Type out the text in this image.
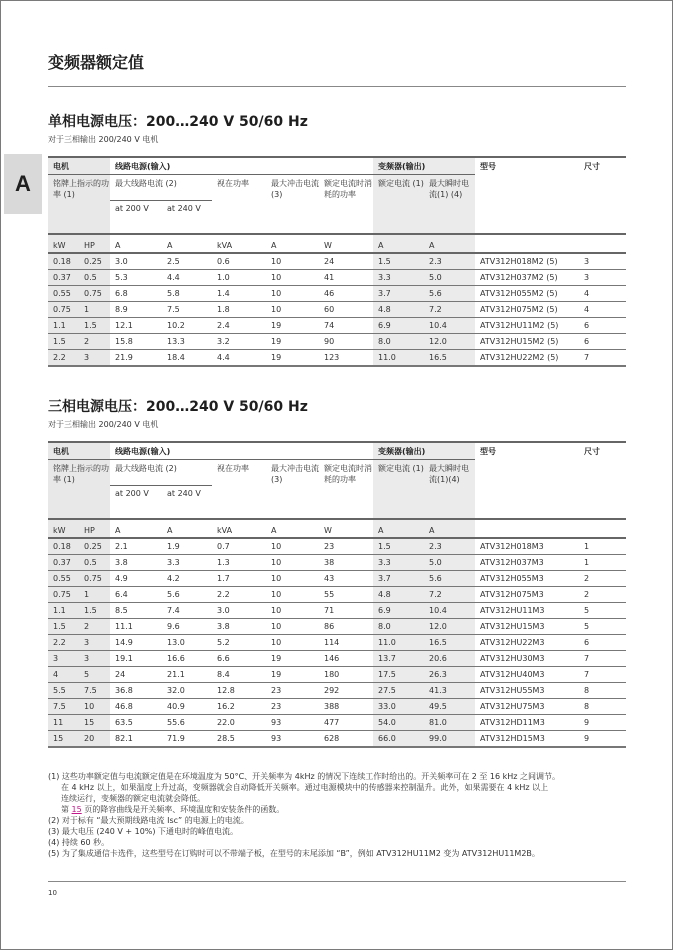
变频器额定值
A
单相电源电压：200…240 V 50/60 Hz
对于三相输出 200/240 V 电机
电机		线路电源(输入)					变频器(输出)		型号	尺寸
铭牌上指示的功率 (1)		最大线路电流 (2)		视在功率	最大冲击电流 (3)	额定电流时消耗的功率	额定电流 (1)	最大瞬时电流(1) (4)		
		at 200 V	at 240 V							
kW	HP	A	A	kVA	A	W	A	A		
0.18	0.25	3.0	2.5	0.6	10	24	1.5	2.3	ATV312H018M2 (5)	3
0.37	0.5	5.3	4.4	1.0	10	41	3.3	5.0	ATV312H037M2 (5)	3
0.55	0.75	6.8	5.8	1.4	10	46	3.7	5.6	ATV312H055M2 (5)	4
0.75	1	8.9	7.5	1.8	10	60	4.8	7.2	ATV312H075M2 (5)	4
1.1	1.5	12.1	10.2	2.4	19	74	6.9	10.4	ATV312HU11M2 (5)	6
1.5	2	15.8	13.3	3.2	19	90	8.0	12.0	ATV312HU15M2 (5)	6
2.2	3	21.9	18.4	4.4	19	123	11.0	16.5	ATV312HU22M2 (5)	7
三相电源电压：200…240 V 50/60 Hz
对于三相输出 200/240 V 电机
电机		线路电源(输入)					变频器(输出)		型号	尺寸
铭牌上指示的功率 (1)		最大线路电流 (2)		视在功率	最大冲击电流 (3)	额定电流时消耗的功率	额定电流 (1)	最大瞬时电流(1)(4)		
		at 200 V	at 240 V							
kW	HP	A	A	kVA	A	W	A	A		
0.18	0.25	2.1	1.9	0.7	10	23	1.5	2.3	ATV312H018M3	1
0.37	0.5	3.8	3.3	1.3	10	38	3.3	5.0	ATV312H037M3	1
0.55	0.75	4.9	4.2	1.7	10	43	3.7	5.6	ATV312H055M3	2
0.75	1	6.4	5.6	2.2	10	55	4.8	7.2	ATV312H075M3	2
1.1	1.5	8.5	7.4	3.0	10	71	6.9	10.4	ATV312HU11M3	5
1.5	2	11.1	9.6	3.8	10	86	8.0	12.0	ATV312HU15M3	5
2.2	3	14.9	13.0	5.2	10	114	11.0	16.5	ATV312HU22M3	6
3	3	19.1	16.6	6.6	19	146	13.7	20.6	ATV312HU30M3	7
4	5	24	21.1	8.4	19	180	17.5	26.3	ATV312HU40M3	7
5.5	7.5	36.8	32.0	12.8	23	292	27.5	41.3	ATV312HU55M3	8
7.5	10	46.8	40.9	16.2	23	388	33.0	49.5	ATV312HU75M3	8
11	15	63.5	55.6	22.0	93	477	54.0	81.0	ATV312HD11M3	9
15	20	82.1	71.9	28.5	93	628	66.0	99.0	ATV312HD15M3	9
(1) 这些功率额定值与电流额定值是在环境温度为 50°C、开关频率为 4kHz 的情况下连续工作时给出的。开关频率可在 2 至 16 kHz 之间调节。
在 4 kHz 以上，如果温度上升过高，变频器就会自动降低开关频率。通过电源模块中的传感器来控制温升。此外，如果需要在 4 kHz 以上
连续运行，变频器的额定电流就会降低。
第 15 页的降容曲线是开关频率、环境温度和安装条件的函数。
(2) 对于标有 “最大预期线路电流 Isc” 的电源上的电流。
(3) 最大电压 (240 V + 10%) 下通电时的峰值电流。
(4) 持续 60 秒。
(5) 为了集成通信卡选件，这些型号在订购时可以不带端子板，在型号的末尾添加 “B”，例如 ATV312HU11M2 变为 ATV312HU11M2B。
10
